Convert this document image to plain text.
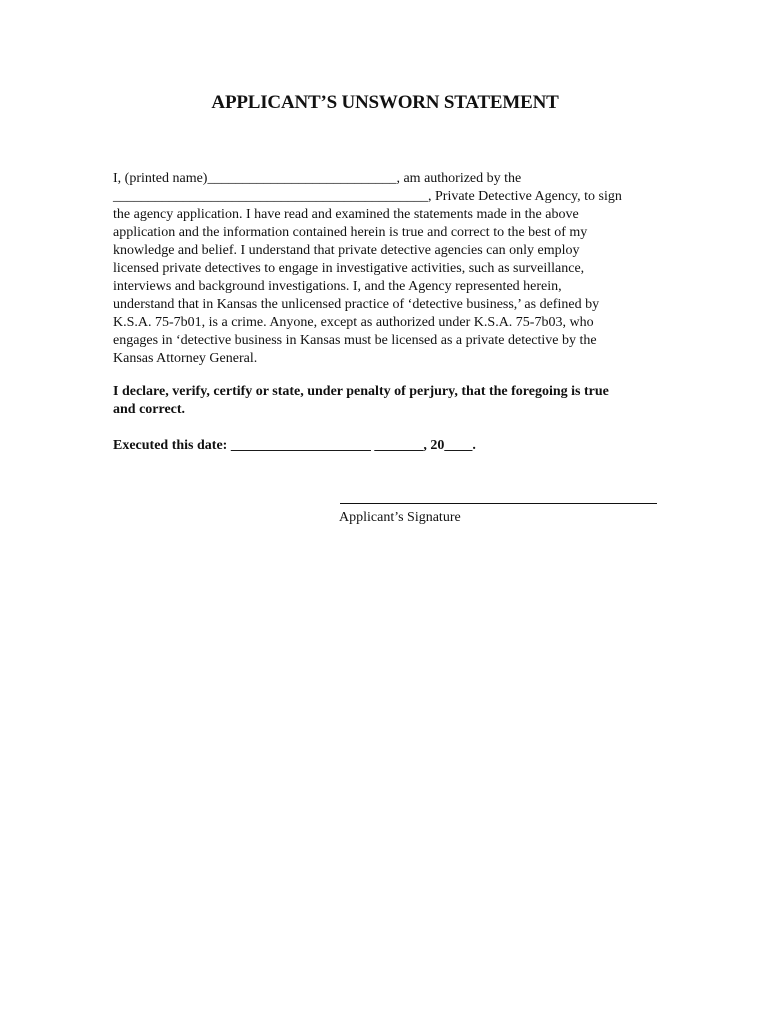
APPLICANT’S UNSWORN STATEMENT
I, (printed name)___________________________, am authorized by the
_____________________________________________, Private Detective Agency, to sign
the agency application. I have read and examined the statements made in the above
application and the information contained herein is true and correct to the best of my
knowledge and belief. I understand that private detective agencies can only employ
licensed private detectives to engage in investigative activities, such as surveillance,
interviews and background investigations. I, and the Agency represented herein,
understand that in Kansas the unlicensed practice of ‘detective business,’ as defined by
K.S.A. 75-7b01, is a crime. Anyone, except as authorized under K.S.A. 75-7b03, who
engages in ‘detective business in Kansas must be licensed as a private detective by the
Kansas Attorney General.
I declare, verify, certify or state, under penalty of perjury, that the foregoing is true
and correct.
Executed this date: ____________________ _______, 20____.
Applicant’s Signature
